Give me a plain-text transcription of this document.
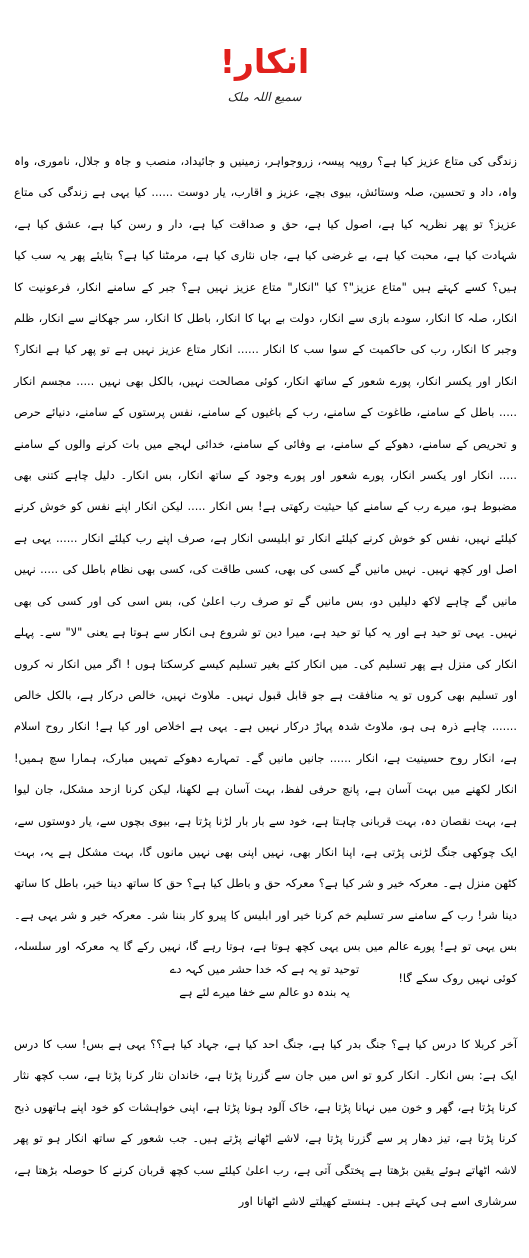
انکار!
سمیع اللہ ملک
زندگی کی متاع عزیز کیا ہے؟ روپیہ پیسہ، زروجواہر، زمینیں و جائیداد، منصب و جاہ و جلال، ناموری، واہ واہ، داد و تحسین، صلہ وستائش، بیوی بچے، عزیز و اقارب، یار دوست ...... کیا یہی ہے زندگی کی متاع عزیز؟ تو پھر نظریہ کیا ہے، اصول کیا ہے، حق و صداقت کیا ہے، دار و رسن کیا ہے، عشق کیا ہے، شہادت کیا ہے، محبت کیا ہے، بے غرضی کیا ہے، جاں نثاری کیا ہے، مرمٹنا کیا ہے؟ بتایئے پھر یہ سب کیا ہیں؟ کسے کہتے ہیں "متاع عزیز"؟ کیا "انکار" متاع عزیز نہیں ہے؟ جبر کے سامنے انکار، فرعونیت کا انکار، صلہ کا انکار، سودے بازی سے انکار، دولت بے بہا کا انکار، باطل کا انکار، سر جھکانے سے انکار، ظلم وجبر کا انکار، رب کی حاکمیت کے سوا سب کا انکار ...... انکار متاع عزیز نہیں ہے تو پھر کیا ہے انکار؟ انکار اور یکسر انکار، پورے شعور کے ساتھ انکار، کوئی مصالحت نہیں، بالکل بھی نہیں ..... مجسم انکار ..... باطل کے سامنے، طاغوت کے سامنے، رب کے باغیوں کے سامنے، نفس پرستوں کے سامنے، دنیائے حرص و تحریص کے سامنے، دھوکے کے سامنے، بے وفائی کے سامنے، خدائی لہجے میں بات کرنے والوں کے سامنے ..... انکار اور یکسر انکار، پورے شعور اور پورے وجود کے ساتھ انکار، بس انکار۔ دلیل چاہے کتنی بھی مضبوط ہو، میرے رب کے سامنے کیا حیثیت رکھتی ہے! بس انکار ..... لیکن انکار اپنے نفس کو خوش کرنے کیلئے نہیں، نفس کو خوش کرنے کیلئے انکار تو ابلیسی انکار ہے، صرف اپنے رب کیلئے انکار ...... یہی ہے اصل اور کچھ نہیں۔ نہیں مانیں گے کسی کی بھی، کسی طاقت کی، کسی بھی نظام باطل کی ..... نہیں مانیں گے چاہے لاکھ دلیلیں دو، بس مانیں گے تو صرف رب اعلیٰ کی، بس اسی کی اور کسی کی بھی نہیں۔ یہی تو حید ہے اور یہ کیا تو حید ہے، میرا دین تو شروع ہی انکار سے ہوتا ہے یعنی "لا" سے۔ پہلے انکار کی منزل ہے پھر تسلیم کی۔ میں انکار کئے بغیر تسلیم کیسے کرسکتا ہوں ! اگر میں انکار نہ کروں اور تسلیم بھی کروں تو یہ منافقت ہے جو قابل قبول نہیں۔ ملاوٹ نہیں، خالص درکار ہے، بالکل خالص ....... چاہے ذرہ ہی ہو، ملاوٹ شدہ پہاڑ درکار نہیں ہے۔ یہی ہے اخلاص اور کیا ہے! انکار روح اسلام ہے، انکار روح حسینیت ہے، انکار ...... جانیں مانیں گے۔ تمہارے دھوکے تمہیں مبارک، ہمارا سچ ہمیں! انکار لکھنے میں بہت آسان ہے، پانچ حرفی لفظ، بہت آسان ہے لکھنا، لیکن کرنا ازحد مشکل، جان لیوا ہے، بہت نقصان دہ، بہت قربانی چاہتا ہے، خود سے بار بار لڑنا پڑتا ہے، بیوی بچوں سے، یار دوستوں سے، ایک چوکھی جنگ لڑنی پڑتی ہے، اپنا انکار بھی، نہیں اپنی بھی نہیں مانوں گا، بہت مشکل ہے یہ، بہت کٹھن منزل ہے۔ معرکہ خیر و شر کیا ہے؟ معرکہ حق و باطل کیا ہے؟ حق کا ساتھ دینا خیر، باطل کا ساتھ دینا شر! رب کے سامنے سر تسلیم خم کرنا خیر اور ابلیس کا پیرو کار بننا شر۔ معرکہ خیر و شر یہی ہے۔ بس یہی تو ہے! پورے عالم میں بس یہی کچھ ہوتا ہے، ہوتا رہے گا، نہیں رکے گا یہ معرکہ اور سلسلہ، کوئی نہیں روک سکے گا!
توحید تو یہ ہے کہ خدا حشر میں کہہ دے
یہ بندہ دو عالم سے خفا میرے لئے ہے
آخر کربلا کا درس کیا ہے؟ جنگ بدر کیا ہے، جنگ احد کیا ہے، جہاد کیا ہے؟؟ یہی ہے بس! سب کا درس ایک ہے: بس انکار۔ انکار کرو تو اس میں جان سے گزرنا پڑتا ہے، خاندان نثار کرنا پڑتا ہے، سب کچھ نثار کرنا پڑتا ہے، گھر و خون میں نہانا پڑتا ہے، خاک آلود ہونا پڑتا ہے، اپنی خواہشات کو خود اپنے ہاتھوں ذبح کرنا پڑتا ہے، تیز دھار پر سے گزرنا پڑتا ہے، لاشے اٹھانے پڑتے ہیں۔ جب شعور کے ساتھ انکار ہو تو پھر لاشہ اٹھاتے ہوئے یقین بڑھتا ہے پختگی آتی ہے، رب اعلیٰ کیلئے سب کچھ قربان کرنے کا حوصلہ بڑھتا ہے، سرشاری اسے ہی کہتے ہیں۔ ہنستے کھیلتے لاشے اٹھانا اور
